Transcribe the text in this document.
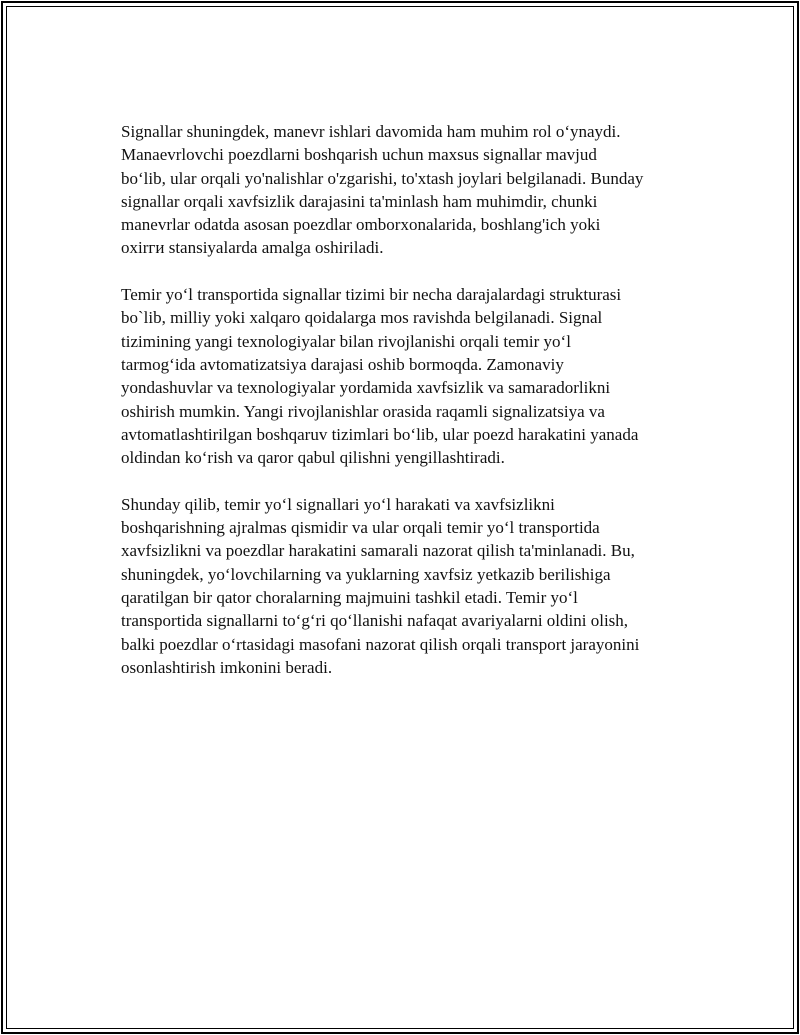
Signallar shuningdek, manevr ishlari davomida ham muhim rol o‘ynaydi.
Manaevrlovchi poezdlarni boshqarish uchun maxsus signallar mavjud
bo‘lib, ular orqali yo'nalishlar o'zgarishi, to'xtash joylari belgilanadi. Bunday
signallar orqali xavfsizlik darajasini ta'minlash ham muhimdir, chunki
manevrlar odatda asosan poezdlar omborxonalarida, boshlang'ich yoki
oxirги stansiyalarda amalga oshiriladi.

Temir yo‘l transportida signallar tizimi bir necha darajalardagi strukturasi
bo`lib, milliy yoki xalqaro qoidalarga mos ravishda belgilanadi. Signal
tizimining yangi texnologiyalar bilan rivojlanishi orqali temir yo‘l
tarmog‘ida avtomatizatsiya darajasi oshib bormoqda. Zamonaviy
yondashuvlar va texnologiyalar yordamida xavfsizlik va samaradorlikni
oshirish mumkin. Yangi rivojlanishlar orasida raqamli signalizatsiya va
avtomatlashtirilgan boshqaruv tizimlari bo‘lib, ular poezd harakatini yanada
oldindan ko‘rish va qaror qabul qilishni yengillashtiradi.

Shunday qilib, temir yo‘l signallari yo‘l harakati va xavfsizlikni
boshqarishning ajralmas qismidir va ular orqali temir yo‘l transportida
xavfsizlikni va poezdlar harakatini samarali nazorat qilish ta'minlanadi. Bu,
shuningdek, yo‘lovchilarning va yuklarning xavfsiz yetkazib berilishiga
qaratilgan bir qator choralarning majmuini tashkil etadi. Temir yo‘l
transportida signallarni to‘g‘ri qo‘llanishi nafaqat avariyalarni oldini olish,
balki poezdlar o‘rtasidagi masofani nazorat qilish orqali transport jarayonini
osonlashtirish imkonini beradi.
